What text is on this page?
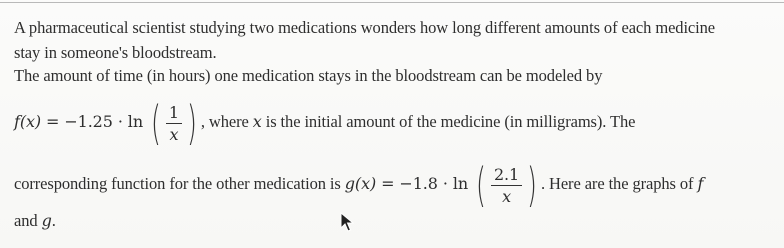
A pharmaceutical scientist studying two medications wonders how long different amounts of each medicine
stay in someone's bloodstream.
The amount of time (in hours) one medication stays in the bloodstream can be modeled by
f(x) = −1.25 · ln ( $\frac{1}{x}$ ) , where x is the initial amount of the medicine (in milligrams). The
corresponding function for the other medication is g(x) = −1.8 · ln ( $\frac{2.1}{x}$ ) . Here are the graphs of f
and g.
